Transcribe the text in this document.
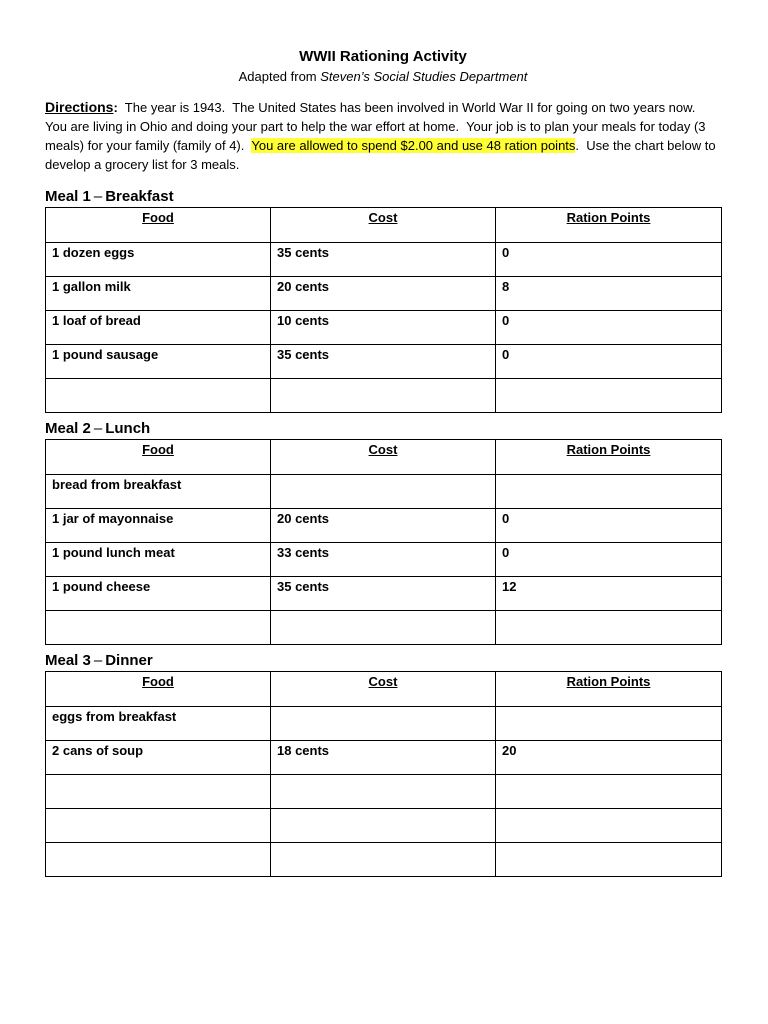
WWII Rationing Activity

Adapted from Steven’s Social Studies Department

Directions:  The year is 1943.  The United States has been involved in World War II for going on two years now.  You are living in Ohio and doing your part to help the war effort at home.  Your job is to plan your meals for today (3 meals) for your family (family of 4).  You are allowed to spend $2.00 and use 48 ration points.  Use the chart below to develop a grocery list for 3 meals.

Meal 1 – Breakfast
Food	Cost	Ration Points
1 dozen eggs	35 cents	0
1 gallon milk	20 cents	8
1 loaf of bread	10 cents	0
1 pound sausage	35 cents	0

Meal 2 – Lunch
Food	Cost	Ration Points
bread from breakfast		
1 jar of mayonnaise	20 cents	0
1 pound lunch meat	33 cents	0
1 pound cheese	35 cents	12

Meal 3 – Dinner
Food	Cost	Ration Points
eggs from breakfast		
2 cans of soup	18 cents	20
